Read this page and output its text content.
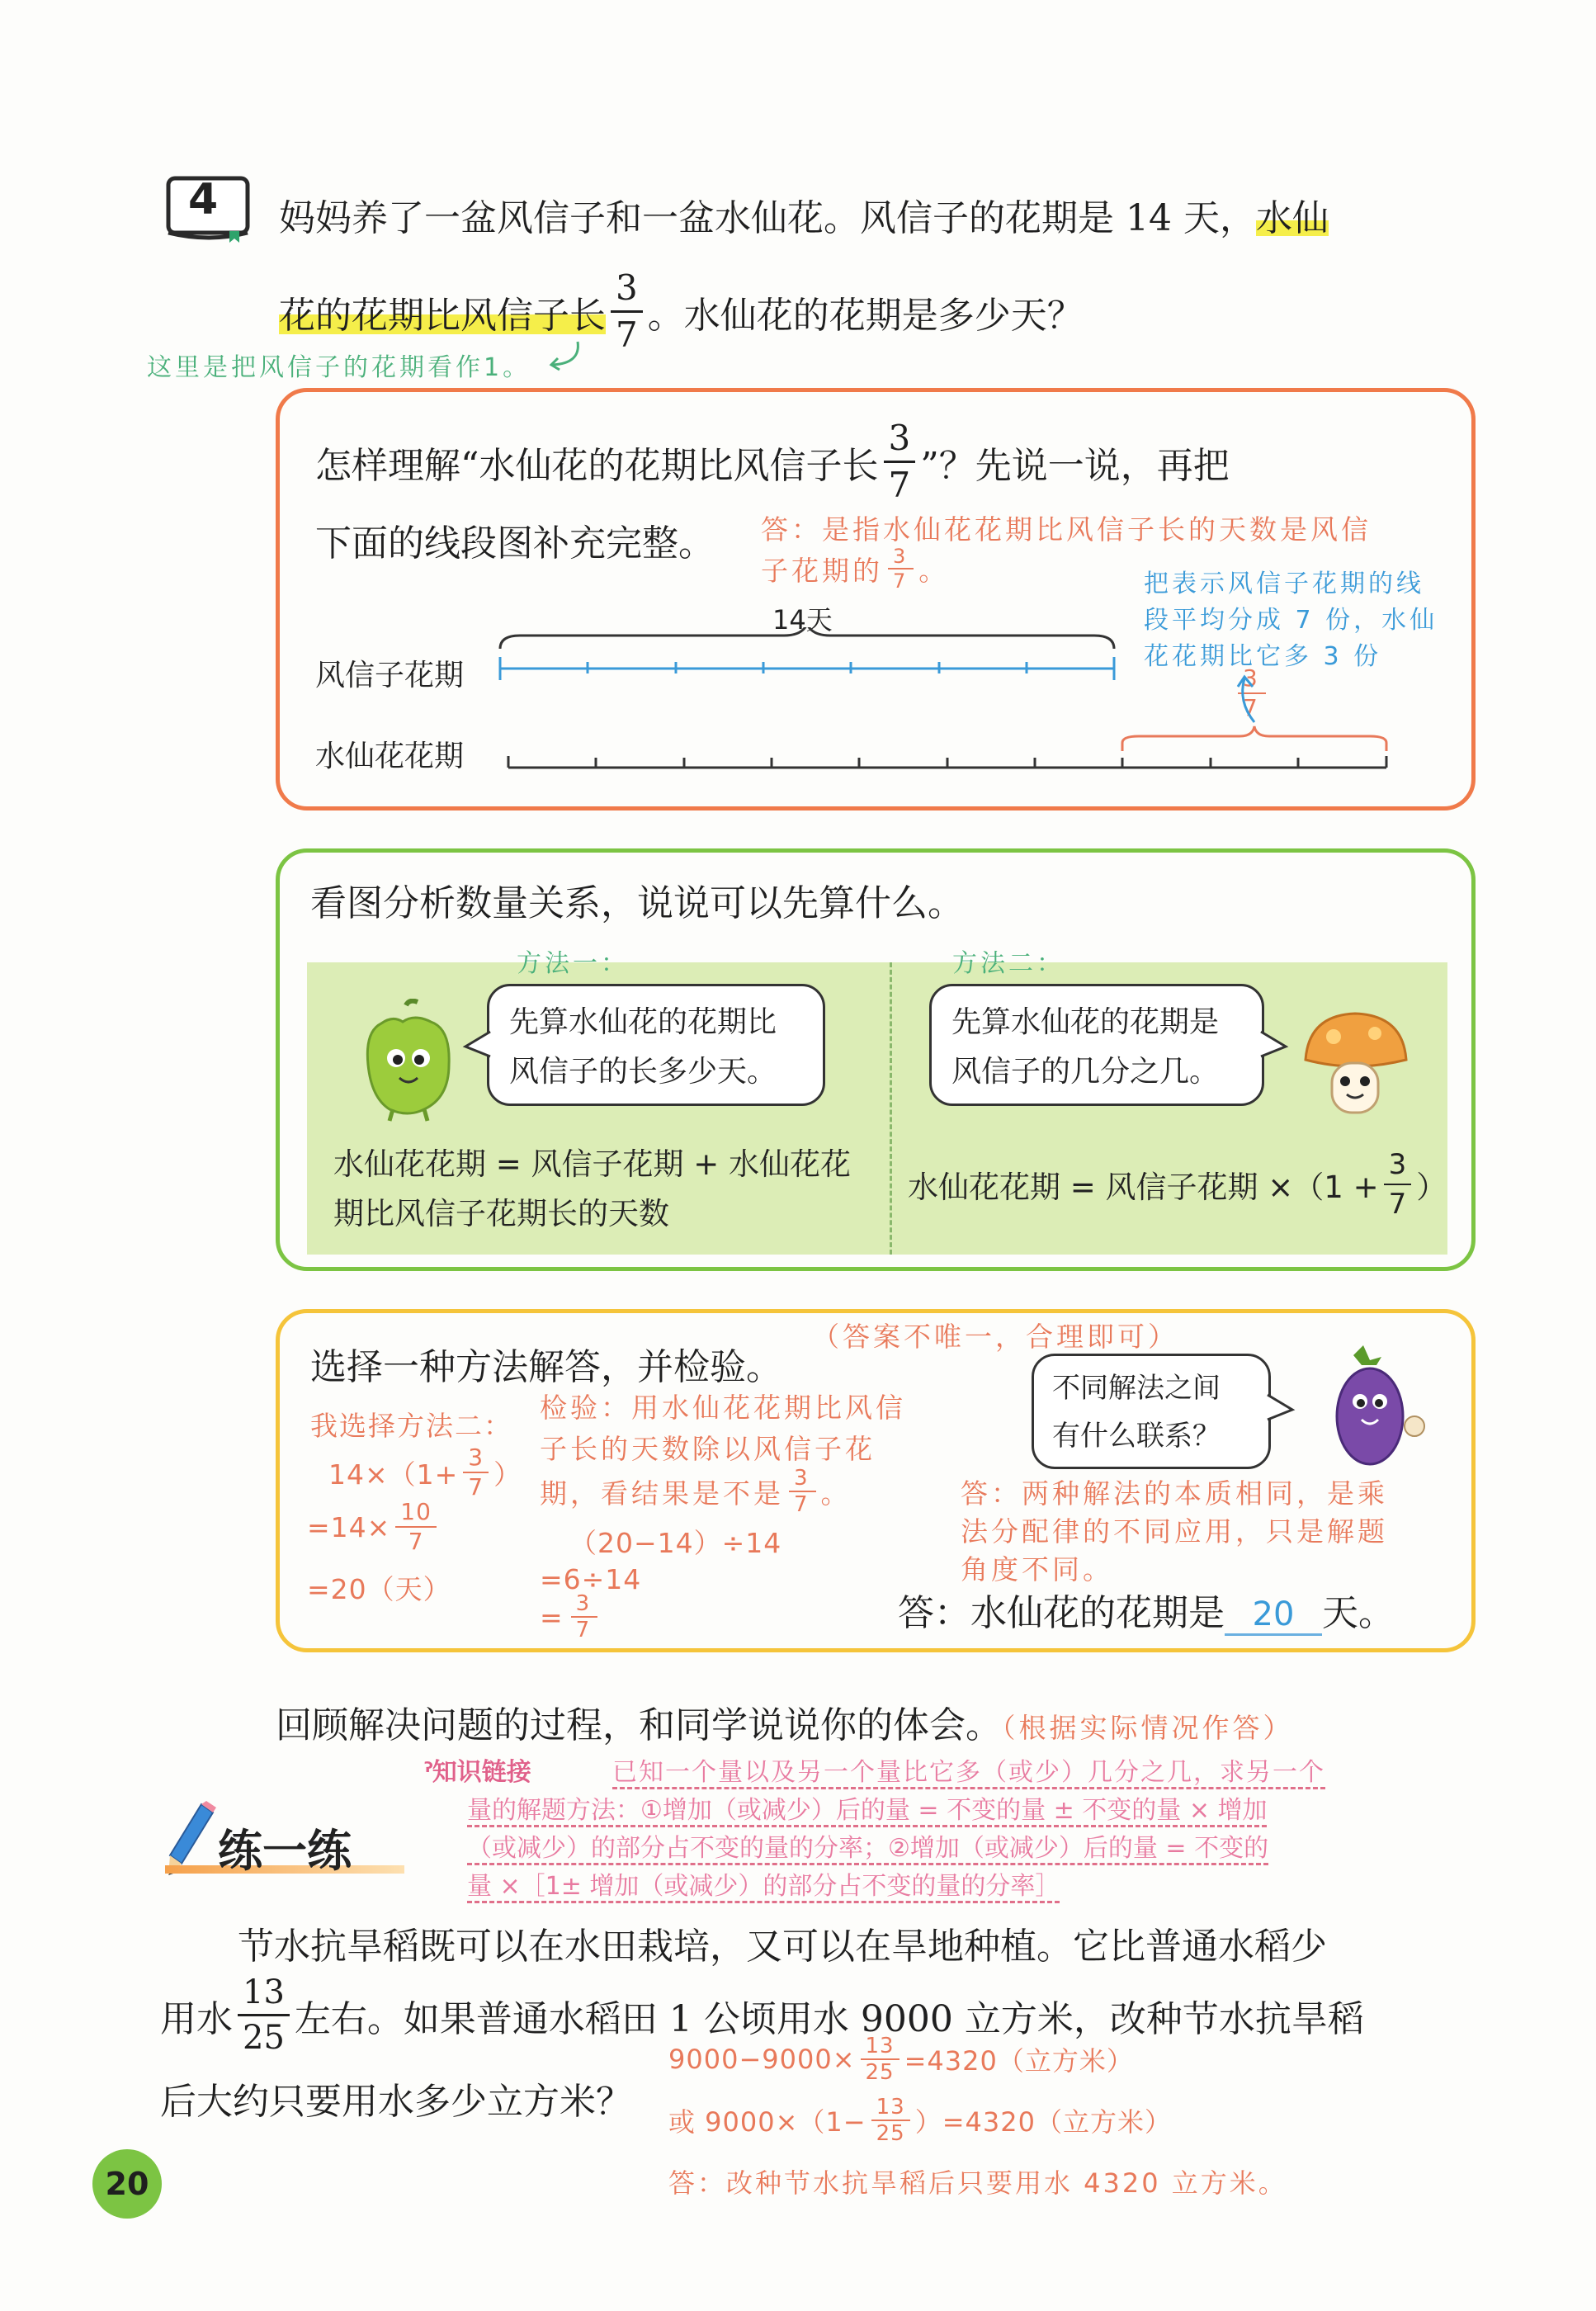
4 妈妈养了一盆风信子和一盆水仙花。风信子的花期是 14 天，水仙
花的花期比风信子长 $\frac{3}{7}$ 。水仙花的花期是多少天？
这里是把风信子的花期看作1。
怎样理解“水仙花的花期比风信子长 $\frac{3}{7}$ ”？先说一说，再把
下面的线段图补充完整。 答：是指水仙花花期比风信子长的天数是风信
子花期的 $\frac{3}{7}$ 。	把表示风信子花期的线
段平均分成 7 份，水仙
花花期比它多 3 份
14天
风信子花期
水仙花花期
$\frac{3}{7}$
看图分析数量关系，说说可以先算什么。
方法一：	方法二：
先算水仙花的花期比
风信子的长多少天。
先算水仙花的花期是
风信子的几分之几。
水仙花花期 = 风信子花期 + 水仙花花
期比风信子花期长的天数
水仙花花期 = 风信子花期 $\times(1 + \frac{3}{7}$ ）
选择一种方法解答，并检验。
（答案不唯一，合理即可）
我选择方法二：
$14\times(1+ \frac{3}{7}$ ）
$=14\times \frac{10}{7}$
=20（天）
检验：用水仙花花期比风信
子长的天数除以风信子花
期，看结果是不是 $\frac{3}{7}$ 。
（20−14）÷14
=6÷14
= $\frac{3}{7}$
不同解法之间
有什么联系？
答：两种解法的本质相同，是乘
法分配律的不同应用，只是解题
角度不同。
答：水仙花的花期是 20 天。
回顾解决问题的过程，和同学说说你的体会。（根据实际情况作答）
ˀ知识链接	已知一个量以及另一个量比它多（或少）几分之几，求另一个
量的解题方法：①增加（或减少）后的量 = 不变的量 ± 不变的量 × 增加
（或减少）的部分占不变的量的分率；②增加（或减少）后的量 = 不变的
量 ×［1± 增加（或减少）的部分占不变的量的分率］
练一练
节水抗旱稻既可以在水田栽培，又可以在旱地种植。它比普通水稻少
用水 $\frac{13}{25}$ 左右。如果普通水稻田 1 公顷用水 9000 立方米，改种节水抗旱稻
后大约只要用水多少立方米？
$9000-9000\times \frac{13}{25} =4320$（立方米）
或 $9000\times(1- \frac{13}{25} )=4320$（立方米）
答：改种节水抗旱稻后只要用水 4320 立方米。
20
